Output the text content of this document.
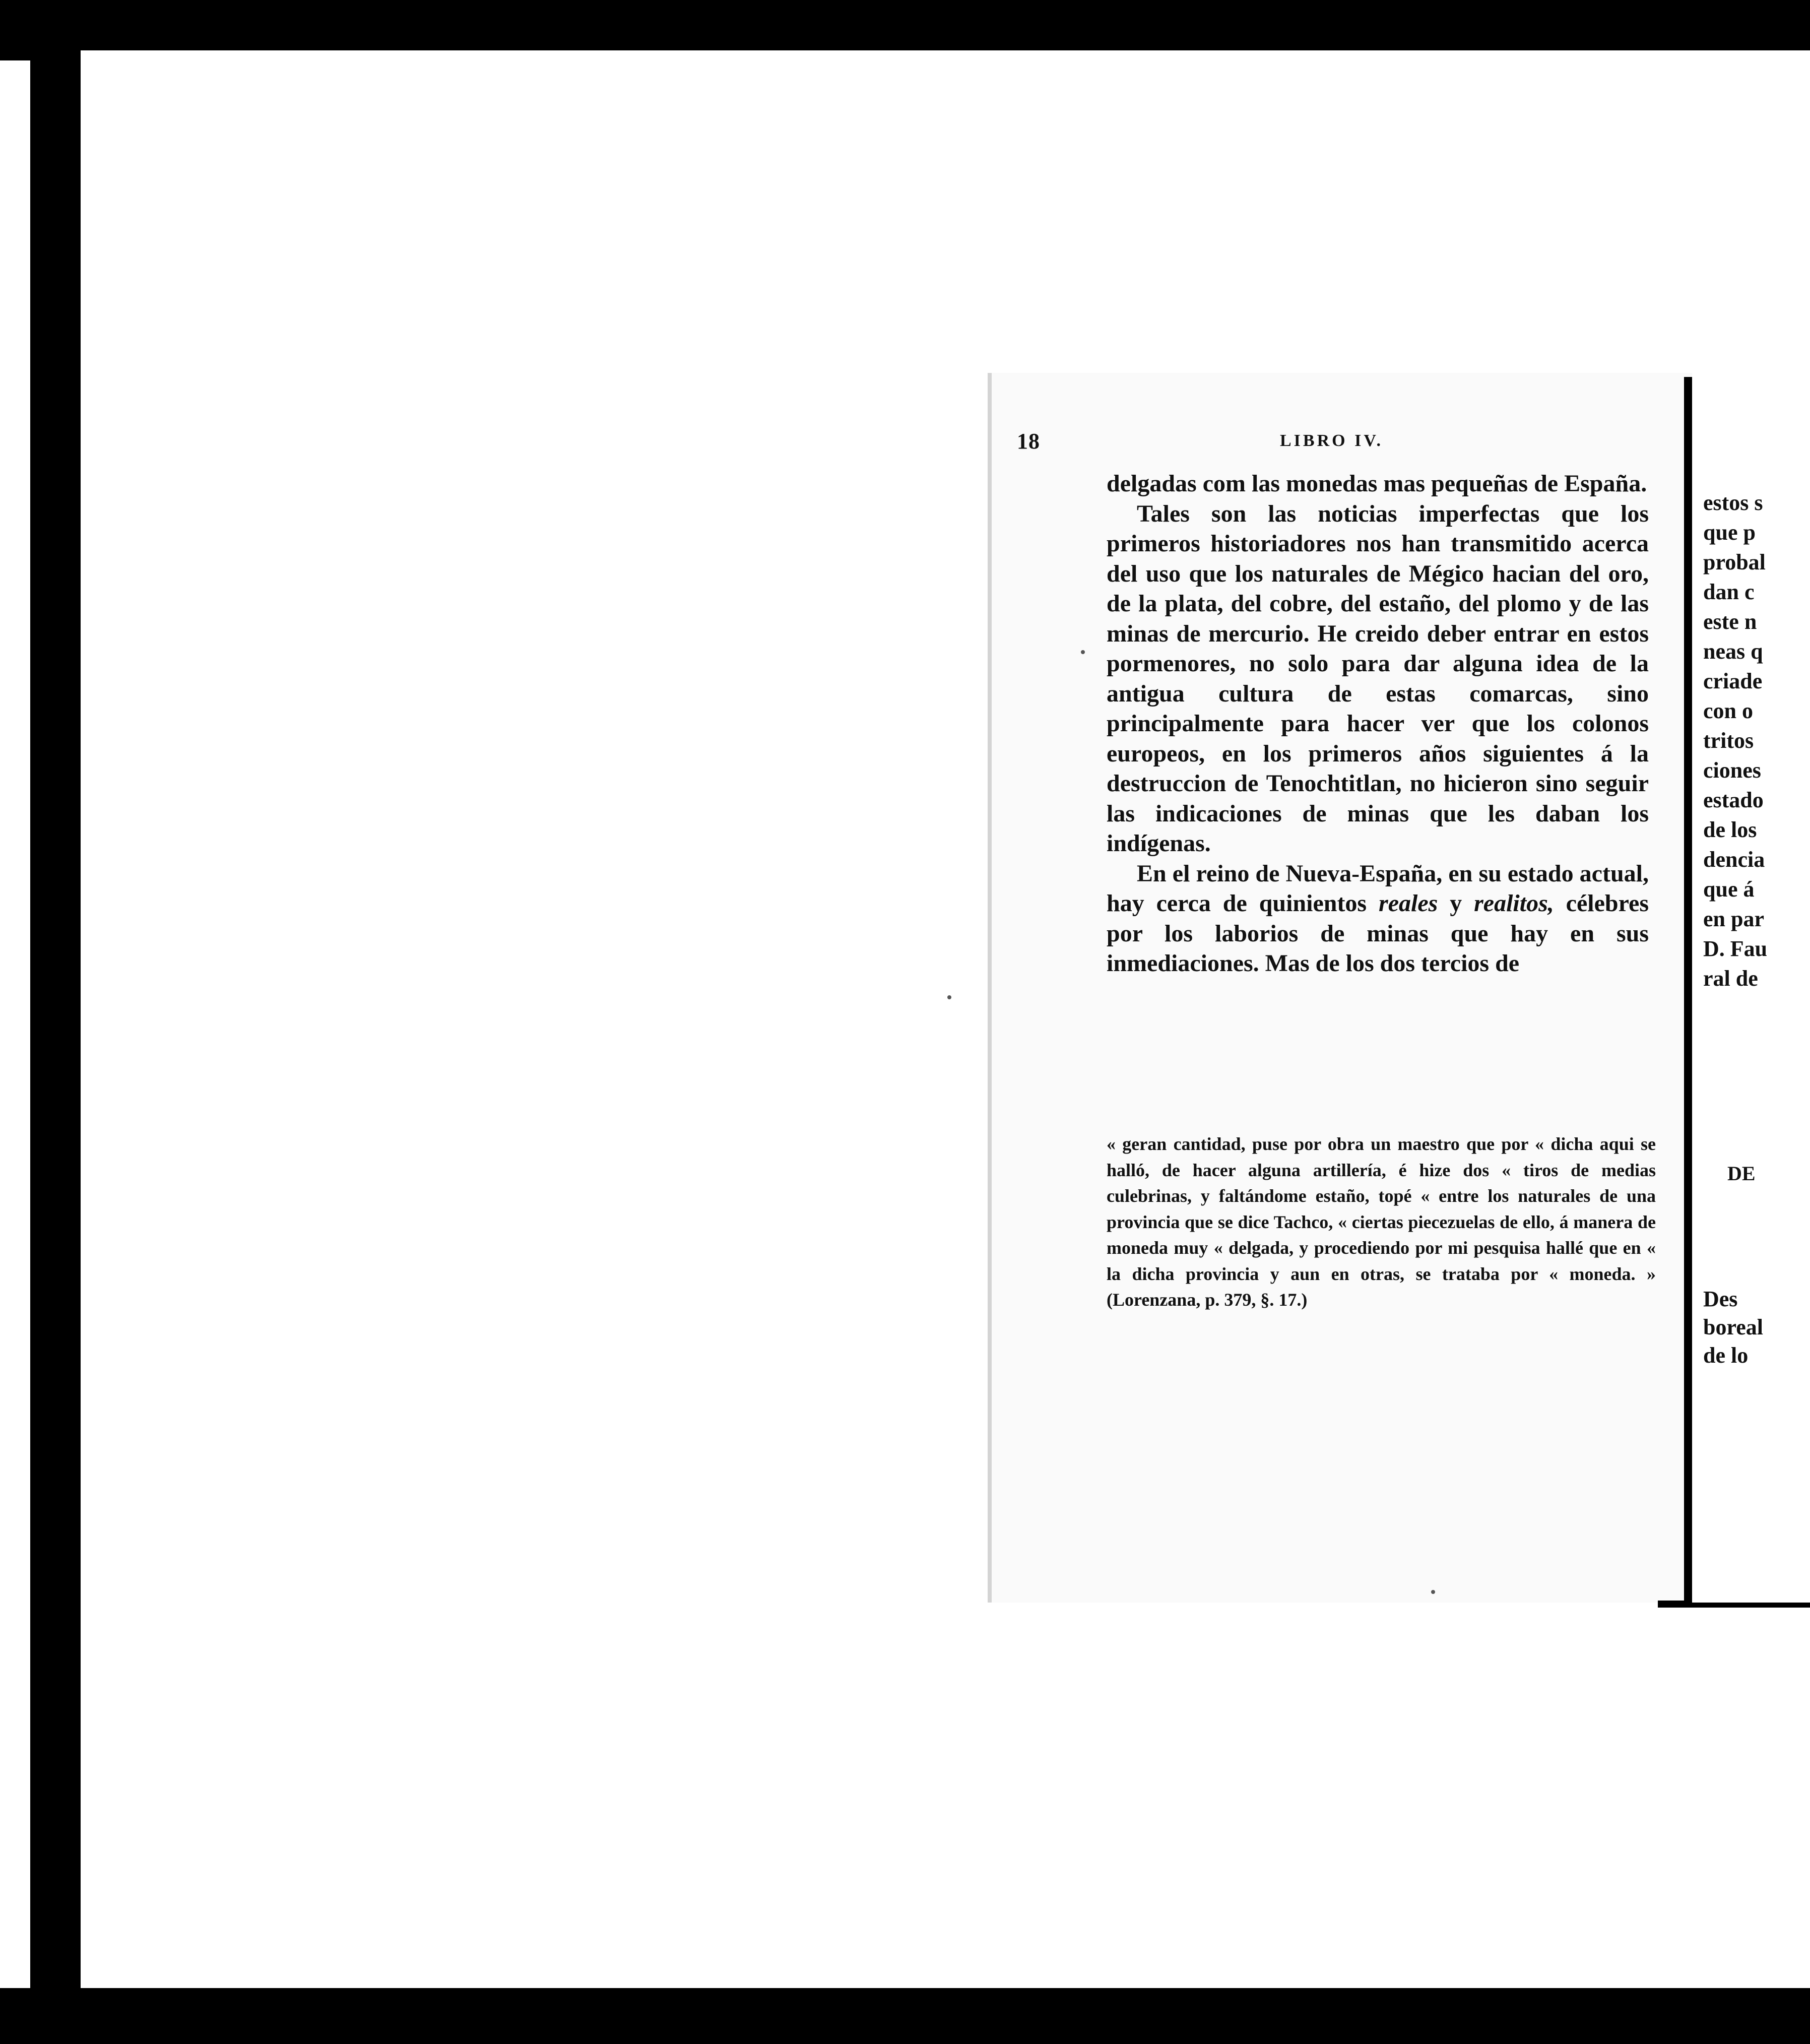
18	LIBRO IV.

delgadas com las monedas mas pequeñas de España.

Tales son las noticias imperfectas que los primeros historiadores nos han transmitido acerca del uso que los naturales de Mégico hacian del oro, de la plata, del cobre, del estaño, del plomo y de las minas de mercurio. He creido deber entrar en estos pormenores, no solo para dar alguna idea de la antigua cultura de estas comarcas, sino principalmente para hacer ver que los colonos europeos, en los primeros años siguientes á la destruccion de Tenochtitlan, no hicieron sino seguir las indicaciones de minas que les daban los indígenas.

En el reino de Nueva-España, en su estado actual, hay cerca de quinientos reales y realitos, célebres por los laborios de minas que hay en sus inmediaciones. Mas de los dos tercios de

« geran cantidad, puse por obra un maestro que por « dicha aqui se halló, de hacer alguna artillería, é hize dos « tiros de medias culebrinas, y faltándome estaño, topé « entre los naturales de una provincia que se dice Tachco, « ciertas piecezuelas de ello, á manera de moneda muy « delgada, y procediendo por mi pesquisa hallé que en « la dicha provincia y aun en otras, se trataba por « moneda. » (Lorenzana, p. 379, §. 17.)

estos s
que p
probal
dan c
este n
neas q
criade
con o
tritos
ciones
estado
de los
dencia
que á
en par
D. Fau
ral de
DE
Des
boreal
de lo
